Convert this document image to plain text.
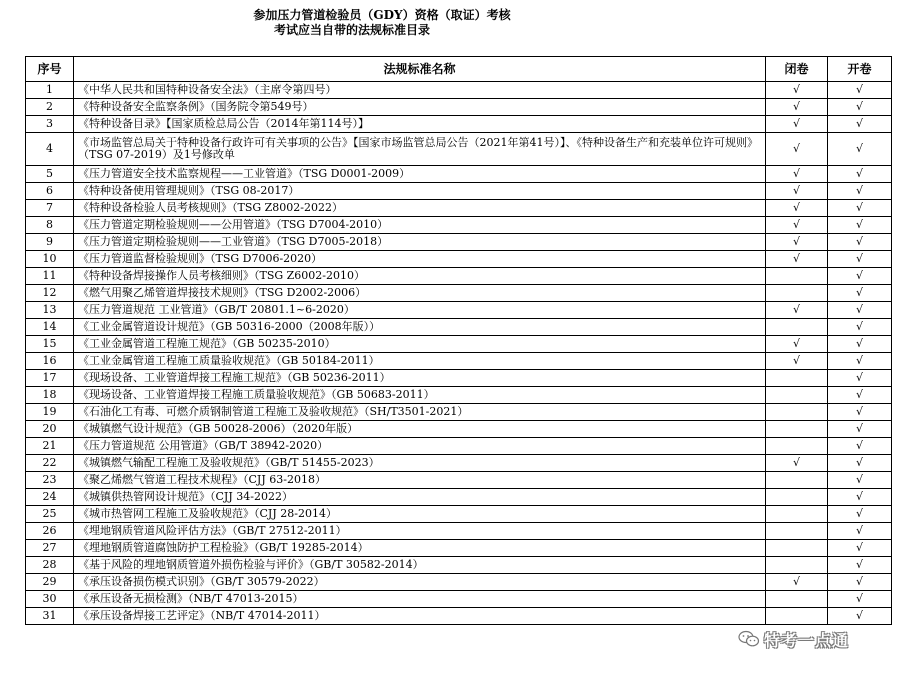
参加压力管道检验员（GDY）资格（取证）考核
考试应当自带的法规标准目录
序号	法规标准名称	闭卷	开卷
1	《中华人民共和国特种设备安全法》（主席令第四号）	√	√
2	《特种设备安全监察条例》（国务院令第549号）	√	√
3	《特种设备目录》【国家质检总局公告（2014年第114号）】	√	√
4	《市场监管总局关于特种设备行政许可有关事项的公告》【国家市场监管总局公告（2021年第41号）】、《特种设备生产和充装单位许可规则》（TSG 07-2019）及1号修改单	√	√
5	《压力管道安全技术监察规程——工业管道》（TSG D0001-2009）	√	√
6	《特种设备使用管理规则》（TSG 08-2017）	√	√
7	《特种设备检验人员考核规则》（TSG Z8002-2022）	√	√
8	《压力管道定期检验规则——公用管道》（TSG D7004-2010）	√	√
9	《压力管道定期检验规则——工业管道》（TSG D7005-2018）	√	√
10	《压力管道监督检验规则》（TSG D7006-2020）	√	√
11	《特种设备焊接操作人员考核细则》（TSG Z6002-2010）		√
12	《燃气用聚乙烯管道焊接技术规则》（TSG D2002-2006）		√
13	《压力管道规范 工业管道》（GB/T 20801.1~6-2020）	√	√
14	《工业金属管道设计规范》（GB 50316-2000（2008年版））		√
15	《工业金属管道工程施工规范》（GB 50235-2010）	√	√
16	《工业金属管道工程施工质量验收规范》（GB 50184-2011）	√	√
17	《现场设备、工业管道焊接工程施工规范》（GB 50236-2011）		√
18	《现场设备、工业管道焊接工程施工质量验收规范》（GB 50683-2011）		√
19	《石油化工有毒、可燃介质钢制管道工程施工及验收规范》（SH/T3501-2021）		√
20	《城镇燃气设计规范》（GB 50028-2006）（2020年版）		√
21	《压力管道规范 公用管道》（GB/T 38942-2020）		√
22	《城镇燃气输配工程施工及验收规范》（GB/T 51455-2023）	√	√
23	《聚乙烯燃气管道工程技术规程》（CJJ 63-2018）		√
24	《城镇供热管网设计规范》（CJJ 34-2022）		√
25	《城市热管网工程施工及验收规范》（CJJ 28-2014）		√
26	《埋地钢质管道风险评估方法》（GB/T 27512-2011）		√
27	《埋地钢质管道腐蚀防护工程检验》（GB/T 19285-2014）		√
28	《基于风险的埋地钢质管道外损伤检验与评价》（GB/T 30582-2014）		√
29	《承压设备损伤模式识别》（GB/T 30579-2022）	√	√
30	《承压设备无损检测》（NB/T 47013-2015）		√
31	《承压设备焊接工艺评定》（NB/T 47014-2011）		√
特考一点通
